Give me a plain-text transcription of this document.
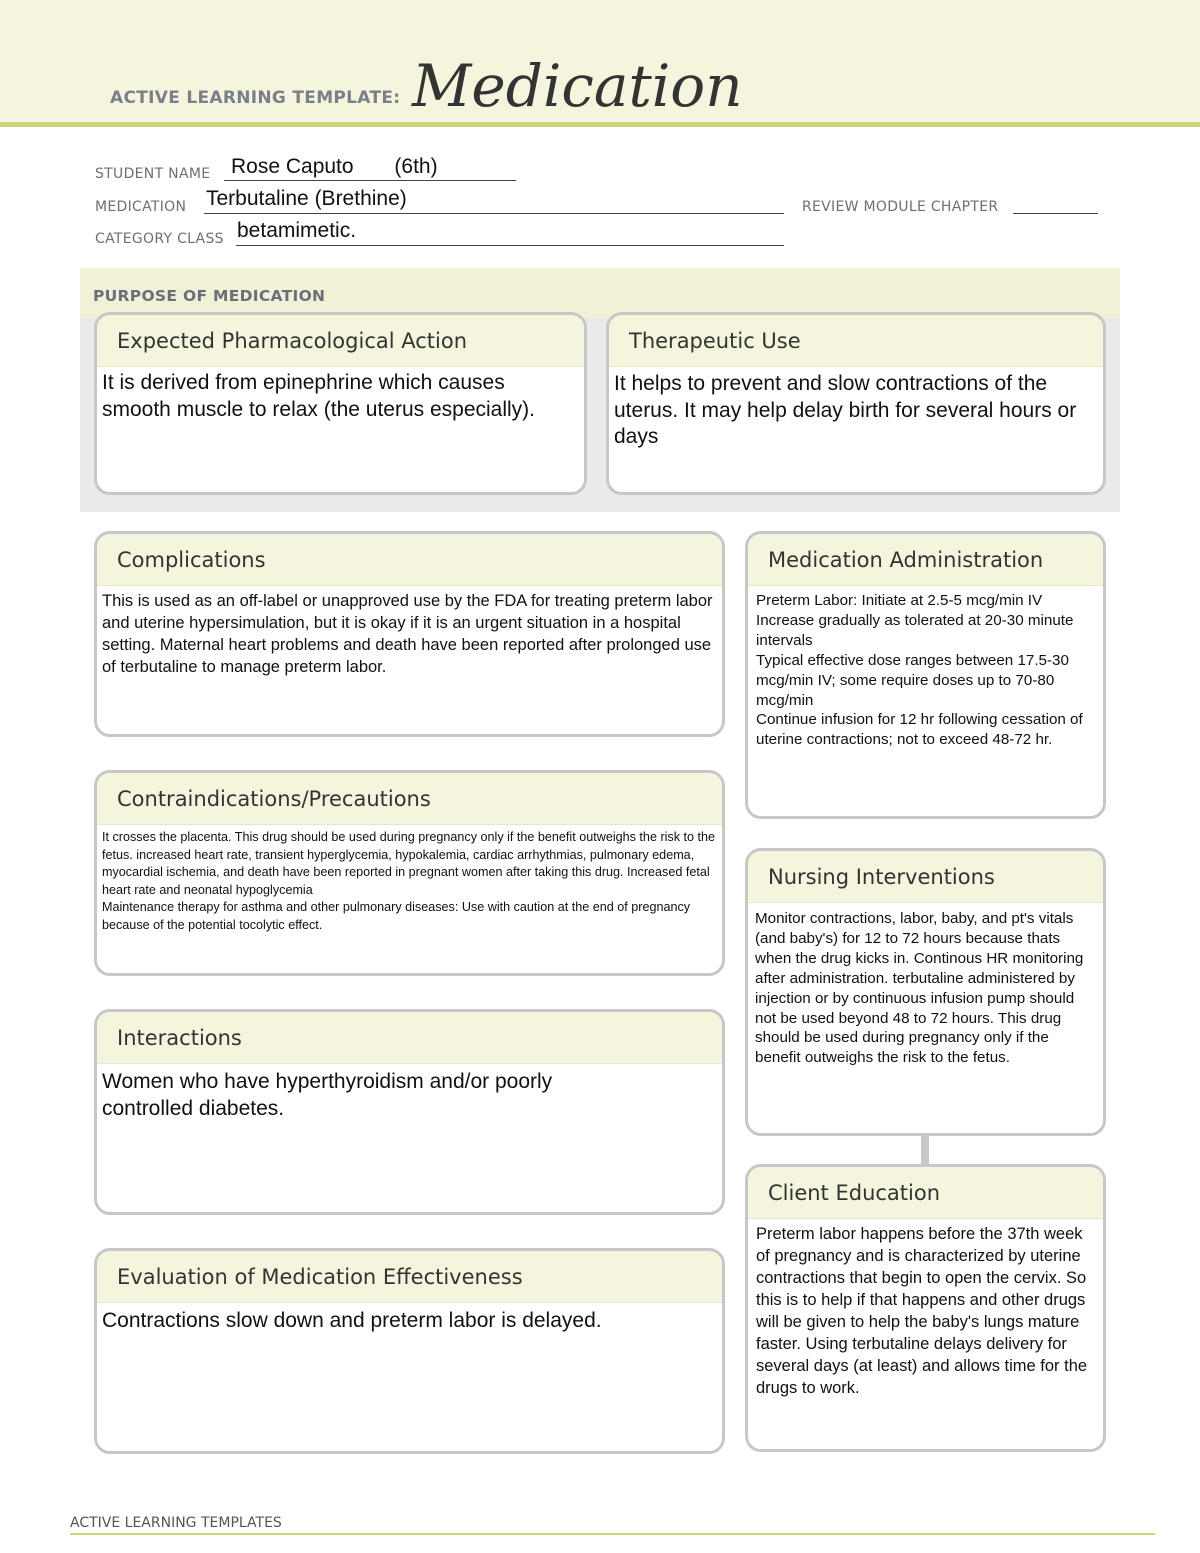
ACTIVE LEARNING TEMPLATE: Medication
STUDENT NAME Rose Caputo       (6th)
MEDICATION Terbutaline (Brethine)	REVIEW MODULE CHAPTER
CATEGORY CLASS betamimetic.
PURPOSE OF MEDICATION
Expected Pharmacological Action
It is derived from epinephrine which causes smooth muscle to relax (the uterus especially).
Therapeutic Use
It helps to prevent and slow contractions of the uterus. It may help delay birth for several hours or days
Complications
This is used as an off-label or unapproved use by the FDA for treating preterm labor and uterine hypersimulation, but it is okay if it is an urgent situation in a hospital setting. Maternal heart problems and death have been reported after prolonged use of terbutaline to manage preterm labor.
Contraindications/Precautions
It crosses the placenta. This drug should be used during pregnancy only if the benefit outweighs the risk to the fetus. increased heart rate, transient hyperglycemia, hypokalemia, cardiac arrhythmias, pulmonary edema, myocardial ischemia, and death have been reported in pregnant women after taking this drug. Increased fetal heart rate and neonatal hypoglycemia
Maintenance therapy for asthma and other pulmonary diseases: Use with caution at the end of pregnancy because of the potential tocolytic effect.
Interactions
Women who have hyperthyroidism and/or poorly controlled diabetes.
Evaluation of Medication Effectiveness
Contractions slow down and preterm labor is delayed.
Medication Administration
Preterm Labor: Initiate at 2.5-5 mcg/min IV
Increase gradually as tolerated at 20-30 minute intervals
Typical effective dose ranges between 17.5-30 mcg/min IV; some require doses up to 70-80 mcg/min
Continue infusion for 12 hr following cessation of uterine contractions; not to exceed 48-72 hr.
Nursing Interventions
Monitor contractions, labor, baby, and pt's vitals (and baby's) for 12 to 72 hours because thats when the drug kicks in. Continous HR monitoring after administration. terbutaline administered by injection or by continuous infusion pump should not be used beyond 48 to 72 hours. This drug should be used during pregnancy only if the benefit outweighs the risk to the fetus.
Client Education
Preterm labor happens before the 37th week of pregnancy and is characterized by uterine contractions that begin to open the cervix. So this is to help if that happens and other drugs will be given to help the baby's lungs mature faster. Using terbutaline delays delivery for several days (at least) and allows time for the drugs to work.
ACTIVE LEARNING TEMPLATES
